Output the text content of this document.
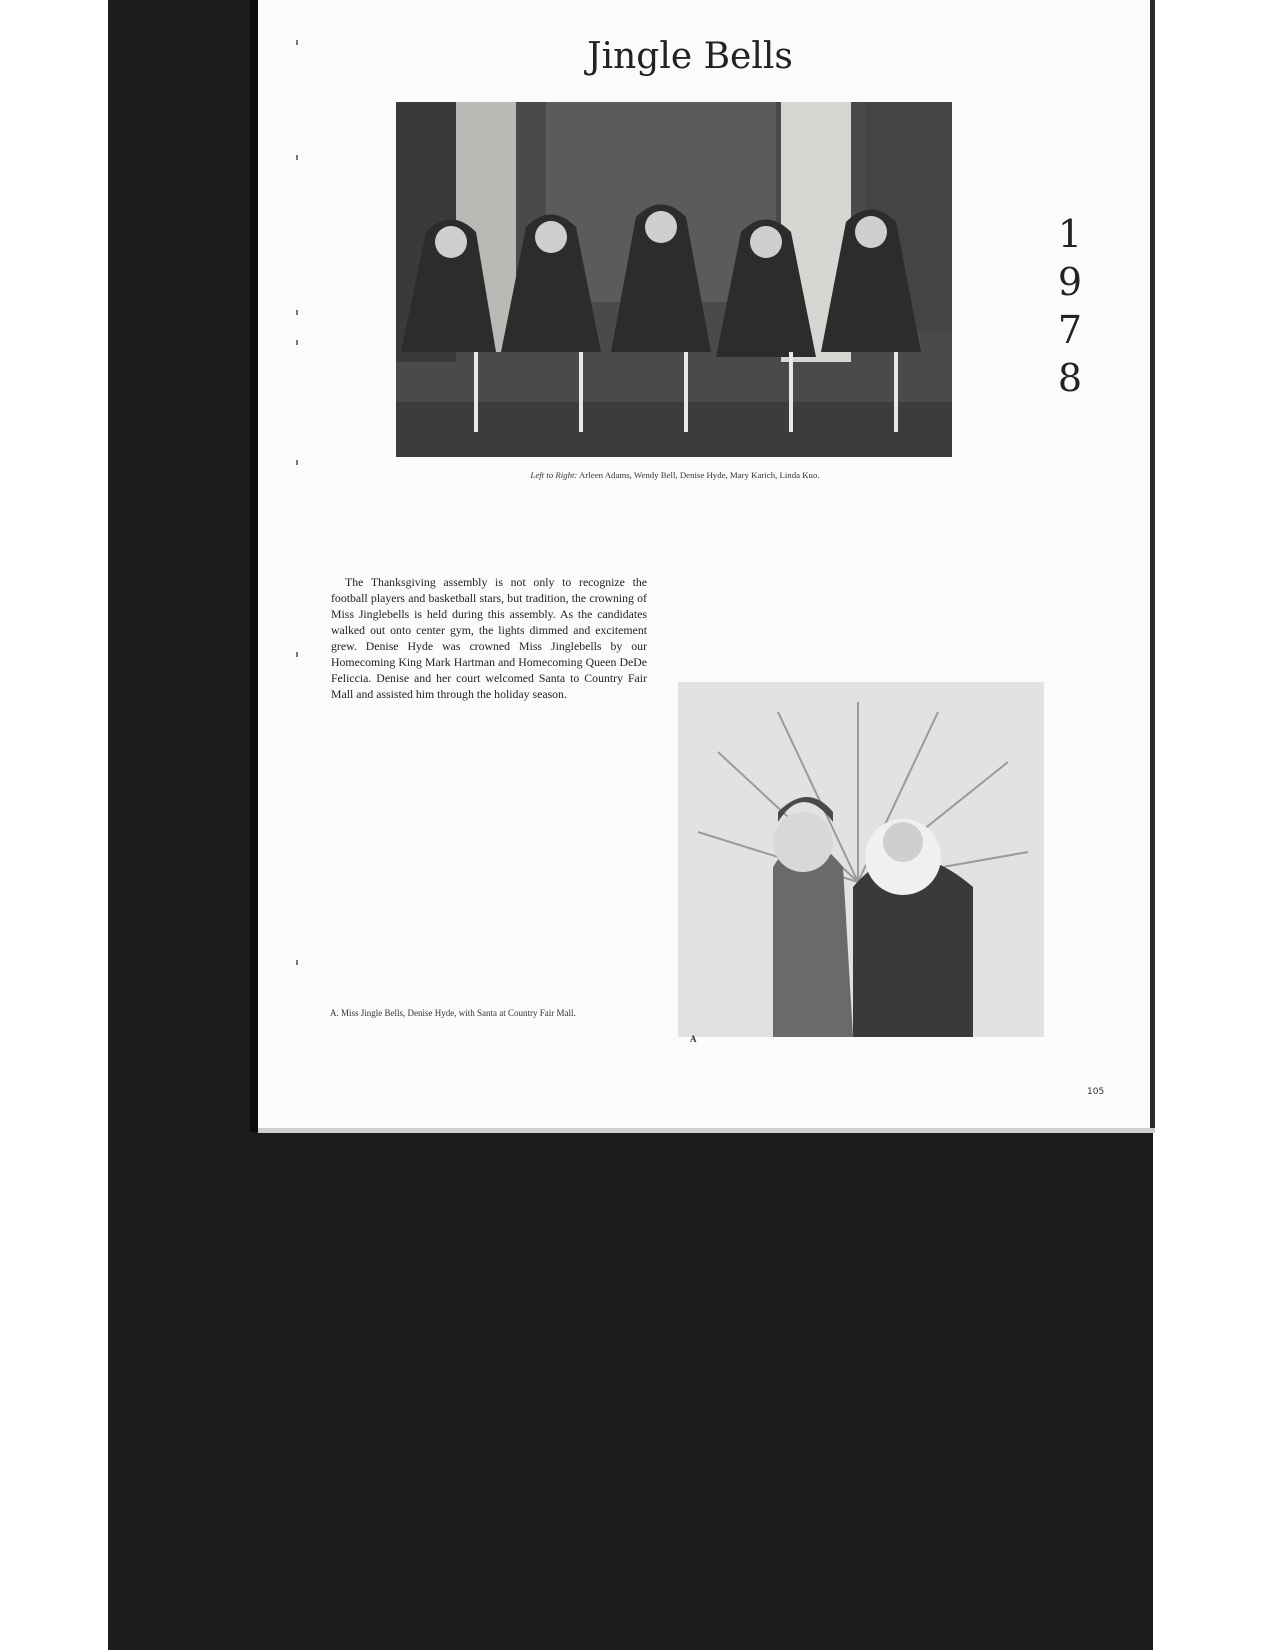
Jingle Bells
1
9
7
8
Left to Right: Arleen Adams, Wendy Bell, Denise Hyde, Mary Karich, Linda Kuo.

The Thanksgiving assembly is not only to recognize the football players and basketball stars, but tradition, the crowning of Miss Jinglebells is held during this assembly. As the candidates walked out onto center gym, the lights dimmed and excitement grew. Denise Hyde was crowned Miss Jinglebells by our Homecoming King Mark Hartman and Homecoming Queen DeDe Feliccia. Denise and her court welcomed Santa to Country Fair Mall and assisted him through the holiday season.

A. Miss Jingle Bells, Denise Hyde, with Santa at Country Fair Mall.
A
105
